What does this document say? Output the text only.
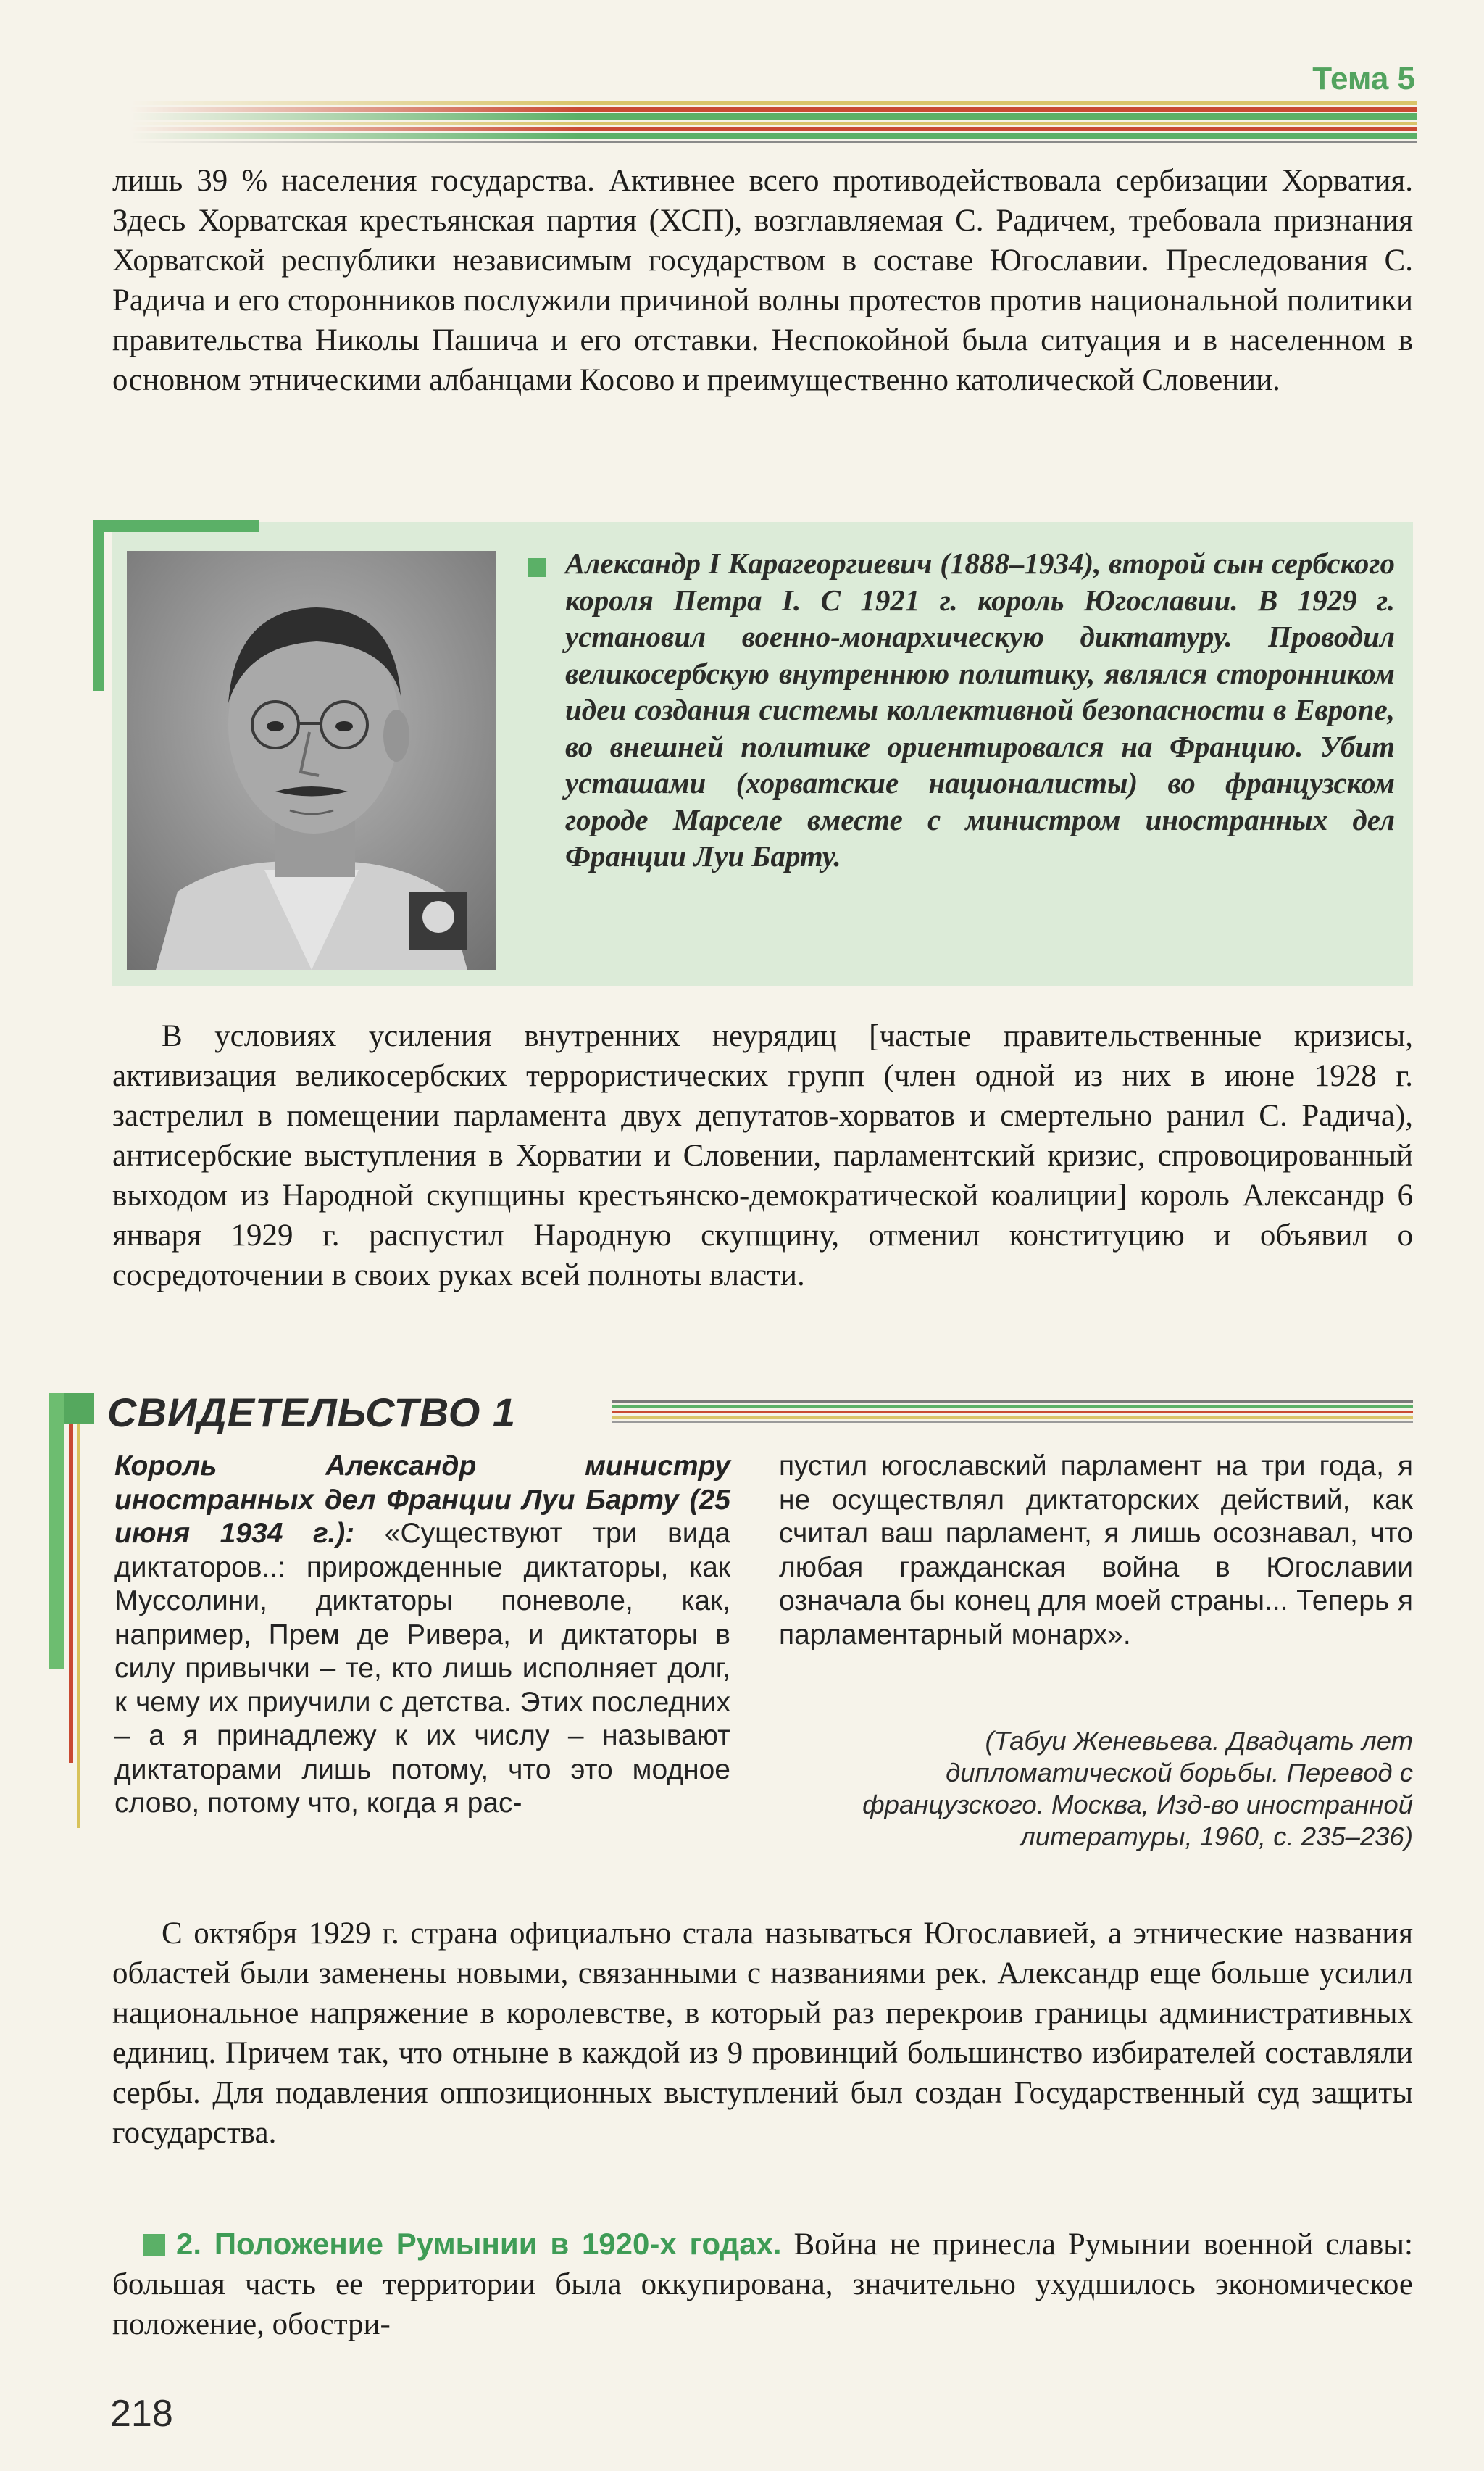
Тема 5

лишь 39 % населения государства. Активнее всего противодействовала сербизации Хорватия. Здесь Хорватская крестьянская партия (ХСП), возглавляемая С. Радичем, требовала признания Хорватской республики независимым государством в составе Югославии. Преследования С. Радича и его сторонников послужили причиной волны протестов против национальной политики правительства Николы Пашича и его отставки. Неспокойной была ситуация и в населенном в основном этническими албанцами Косово и преимущественно католической Словении.

Александр I Карагеоргиевич (1888–1934), второй сын сербского короля Петра I. С 1921 г. король Югославии. В 1929 г. установил военно-монархическую диктатуру. Проводил великосербскую внутреннюю политику, являлся сторонником идеи создания системы коллективной безопасности в Европе, во внешней политике ориентировался на Францию. Убит усташами (хорватские националисты) во французском городе Марселе вместе с министром иностранных дел Франции Луи Барту.

В условиях усиления внутренних неурядиц [частые правительственные кризисы, активизация великосербских террористических групп (член одной из них в июне 1928 г. застрелил в помещении парламента двух депутатов-хорватов и смертельно ранил С. Радича), антисербские выступления в Хорватии и Словении, парламентский кризис, спровоцированный выходом из Народной скупщины крестьянско-демократической коалиции] король Александр 6 января 1929 г. распустил Народную скупщину, отменил конституцию и объявил о сосредоточении в своих руках всей полноты власти.

СВИДЕТЕЛЬСТВО 1

Король Александр министру иностранных дел Франции Луи Барту (25 июня 1934 г.): «Существуют три вида диктаторов..: прирожденные диктаторы, как Муссолини, диктаторы поневоле, как, например, Прем де Ривера, и диктаторы в силу привычки – те, кто лишь исполняет долг, к чему их приучили с детства. Этих последних – а я принадлежу к их числу – называют диктаторами лишь потому, что это модное слово, потому что, когда я рас-

пустил югославский парламент на три года, я не осуществлял диктаторских действий, как считал ваш парламент, я лишь осознавал, что любая гражданская война в Югославии означала бы конец для моей страны... Теперь я парламентарный монарх».

(Табуи Женевьева. Двадцать лет дипломатической борьбы. Перевод с французского. Москва, Изд-во иностранной литературы, 1960, с. 235–236)

С октября 1929 г. страна официально стала называться Югославией, а этнические названия областей были заменены новыми, связанными с названиями рек. Александр еще больше усилил национальное напряжение в королевстве, в который раз перекроив границы административных единиц. Причем так, что отныне в каждой из 9 провинций большинство избирателей составляли сербы. Для подавления оппозиционных выступлений был создан Государственный суд защиты государства.

2. Положение Румынии в 1920-х годах. Война не принесла Румынии военной славы: большая часть ее территории была оккупирована, значительно ухудшилось экономическое положение, обостри-

218
